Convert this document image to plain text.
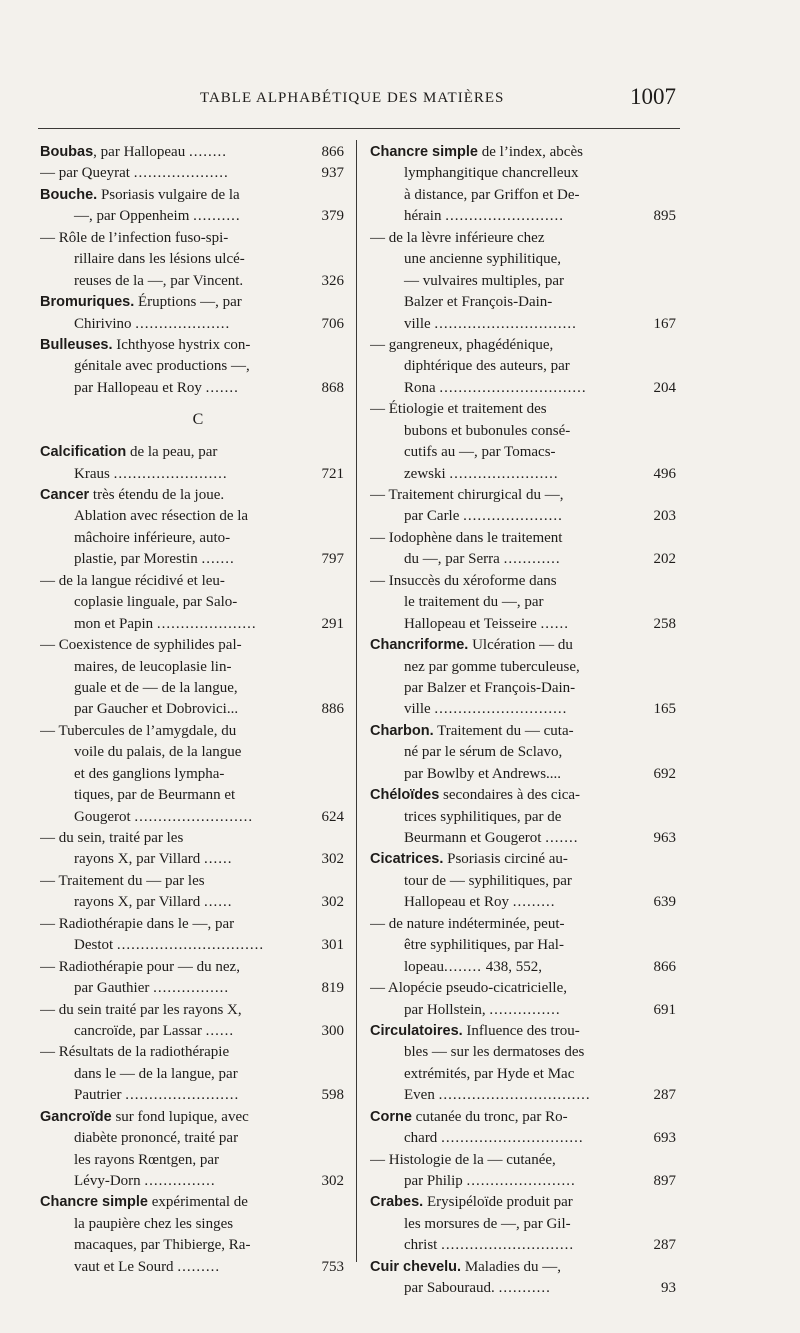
TABLE ALPHABÉTIQUE DES MATIÈRES	1007
Boubas, par Hallopeau ........	866
— par Queyrat ....................	937
Bouche. Psoriasis vulgaire de la
—, par Oppenheim ..........	379
— Rôle de l’infection fuso-spi-
rillaire dans les lésions ulcé-
reuses de la —, par Vincent.	326
Bromuriques. Éruptions —, par
Chirivino ....................	706
Bulleuses. Ichthyose hystrix con-
génitale avec productions —,
par Hallopeau et Roy .......	868
C
Calcification de la peau, par
Kraus ........................	721
Cancer très étendu de la joue.
Ablation avec résection de la
mâchoire inférieure, auto-
plastie, par Morestin .......	797
— de la langue récidivé et leu-
coplasie linguale, par Salo-
mon et Papin .....................	291
— Coexistence de syphilides pal-
maires, de leucoplasie lin-
guale et de — de la langue,
par Gaucher et Dobrovici...	886
— Tubercules de l’amygdale, du
voile du palais, de la langue
et des ganglions lympha-
tiques, par de Beurmann et
Gougerot .........................	624
— du sein, traité par les
rayons X, par Villard ......	302
— Traitement du — par les
rayons X, par Villard ......	302
— Radiothérapie dans le —, par
Destot ...............................	301
— Radiothérapie pour — du nez,
par Gauthier ................	819
— du sein traité par les rayons X,
cancroïde, par Lassar ......	300
— Résultats de la radiothérapie
dans le — de la langue, par
Pautrier ........................	598
Gancroïde sur fond lupique, avec
diabète prononcé, traité par
les rayons Rœntgen, par
Lévy-Dorn ...............	302
Chancre simple expérimental de
la paupière chez les singes
macaques, par Thibierge, Ra-
vaut et Le Sourd .........	753
Chancre simple de l’index, abcès
lymphangitique chancrelleux
à distance, par Griffon et De-
hérain .........................	895
— de la lèvre inférieure chez
une ancienne syphilitique,
— vulvaires multiples, par
Balzer et François-Dain-
ville ..............................	167
— gangreneux, phagédénique,
diphtérique des auteurs, par
Rona ...............................	204
— Étiologie et traitement des
bubons et bubonules consé-
cutifs au —, par Tomacs-
zewski .......................	496
— Traitement chirurgical du —,
par Carle .....................	203
— Iodophène dans le traitement
du —, par Serra ............	202
— Insuccès du xéroforme dans
le traitement du —, par
Hallopeau et Teisseire ......	258
Chancriforme. Ulcération — du
nez par gomme tuberculeuse,
par Balzer et François-Dain-
ville ............................	165
Charbon. Traitement du — cuta-
né par le sérum de Sclavo,
par Bowlby et Andrews....	692
Chéloïdes secondaires à des cica-
trices syphilitiques, par de
Beurmann et Gougerot .......	963
Cicatrices. Psoriasis circiné au-
tour de — syphilitiques, par
Hallopeau et Roy .........	639
— de nature indéterminée, peut-
être syphilitiques, par Hal-
lopeau........ 438, 552,	866
— Alopécie pseudo-cicatricielle,
par Hollstein, ...............	691
Circulatoires. Influence des trou-
bles — sur les dermatoses des
extrémités, par Hyde et Mac
Even ................................	287
Corne cutanée du tronc, par Ro-
chard ..............................	693
— Histologie de la — cutanée,
par Philip .......................	897
Crabes. Erysipéloïde produit par
les morsures de —, par Gil-
christ ............................	287
Cuir chevelu. Maladies du —,
par Sabouraud. ...........	93
